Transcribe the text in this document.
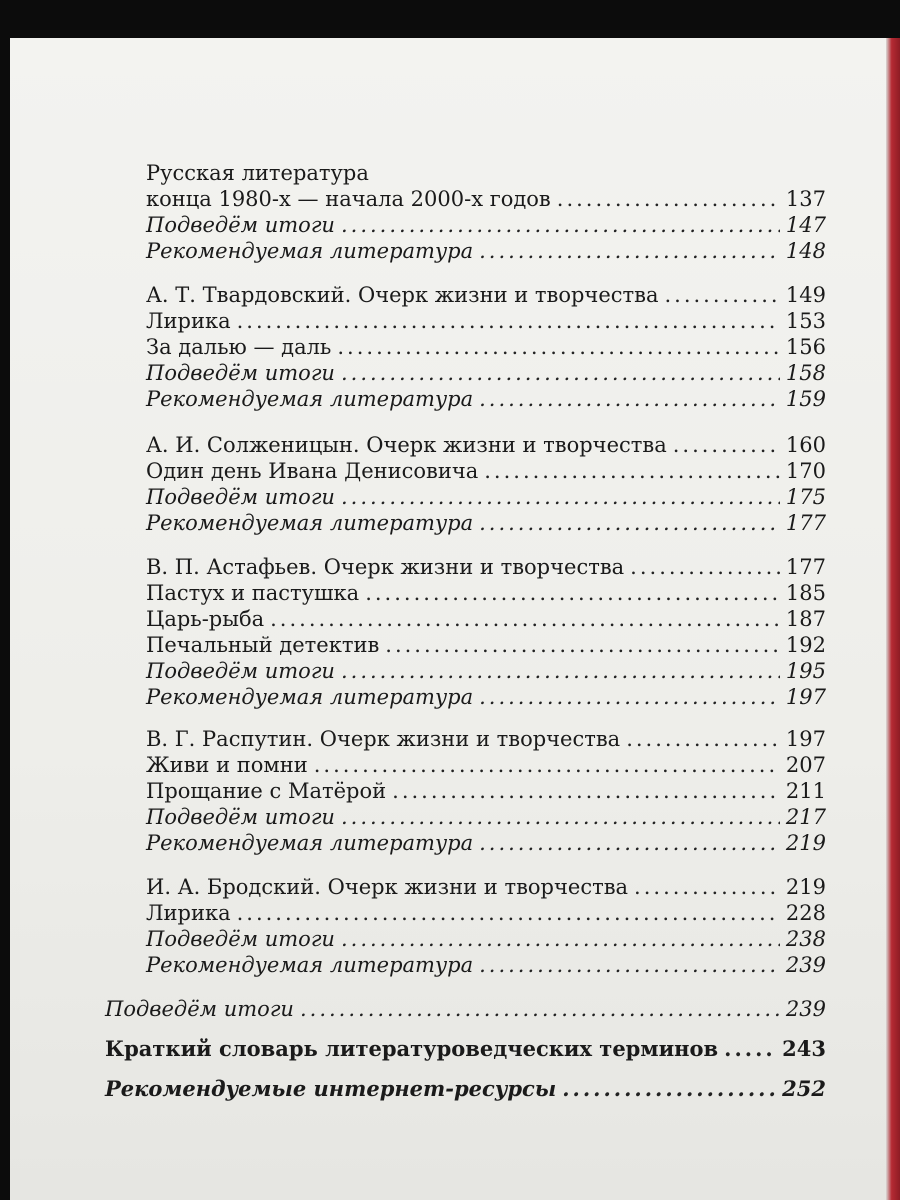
Русская литература
конца 1980-х — начала 2000-х годов .....	137
Подведём итоги .....	147
Рекомендуемая литература .....	148
А. Т. Твардовский. Очерк жизни и творчества .....	149
Лирика .....	153
За далью — даль .....	156
Подведём итоги .....	158
Рекомендуемая литература .....	159
А. И. Солженицын. Очерк жизни и творчества .....	160
Один день Ивана Денисовича .....	170
Подведём итоги .....	175
Рекомендуемая литература .....	177
В. П. Астафьев. Очерк жизни и творчества .....	177
Пастух и пастушка .....	185
Царь-рыба .....	187
Печальный детектив .....	192
Подведём итоги .....	195
Рекомендуемая литература .....	197
В. Г. Распутин. Очерк жизни и творчества .....	197
Живи и помни .....	207
Прощание с Матёрой .....	211
Подведём итоги .....	217
Рекомендуемая литература .....	219
И. А. Бродский. Очерк жизни и творчества .....	219
Лирика .....	228
Подведём итоги .....	238
Рекомендуемая литература .....	239
Подведём итоги .....	239
Краткий словарь литературоведческих терминов .....	243
Рекомендуемые интернет-ресурсы .....	252
